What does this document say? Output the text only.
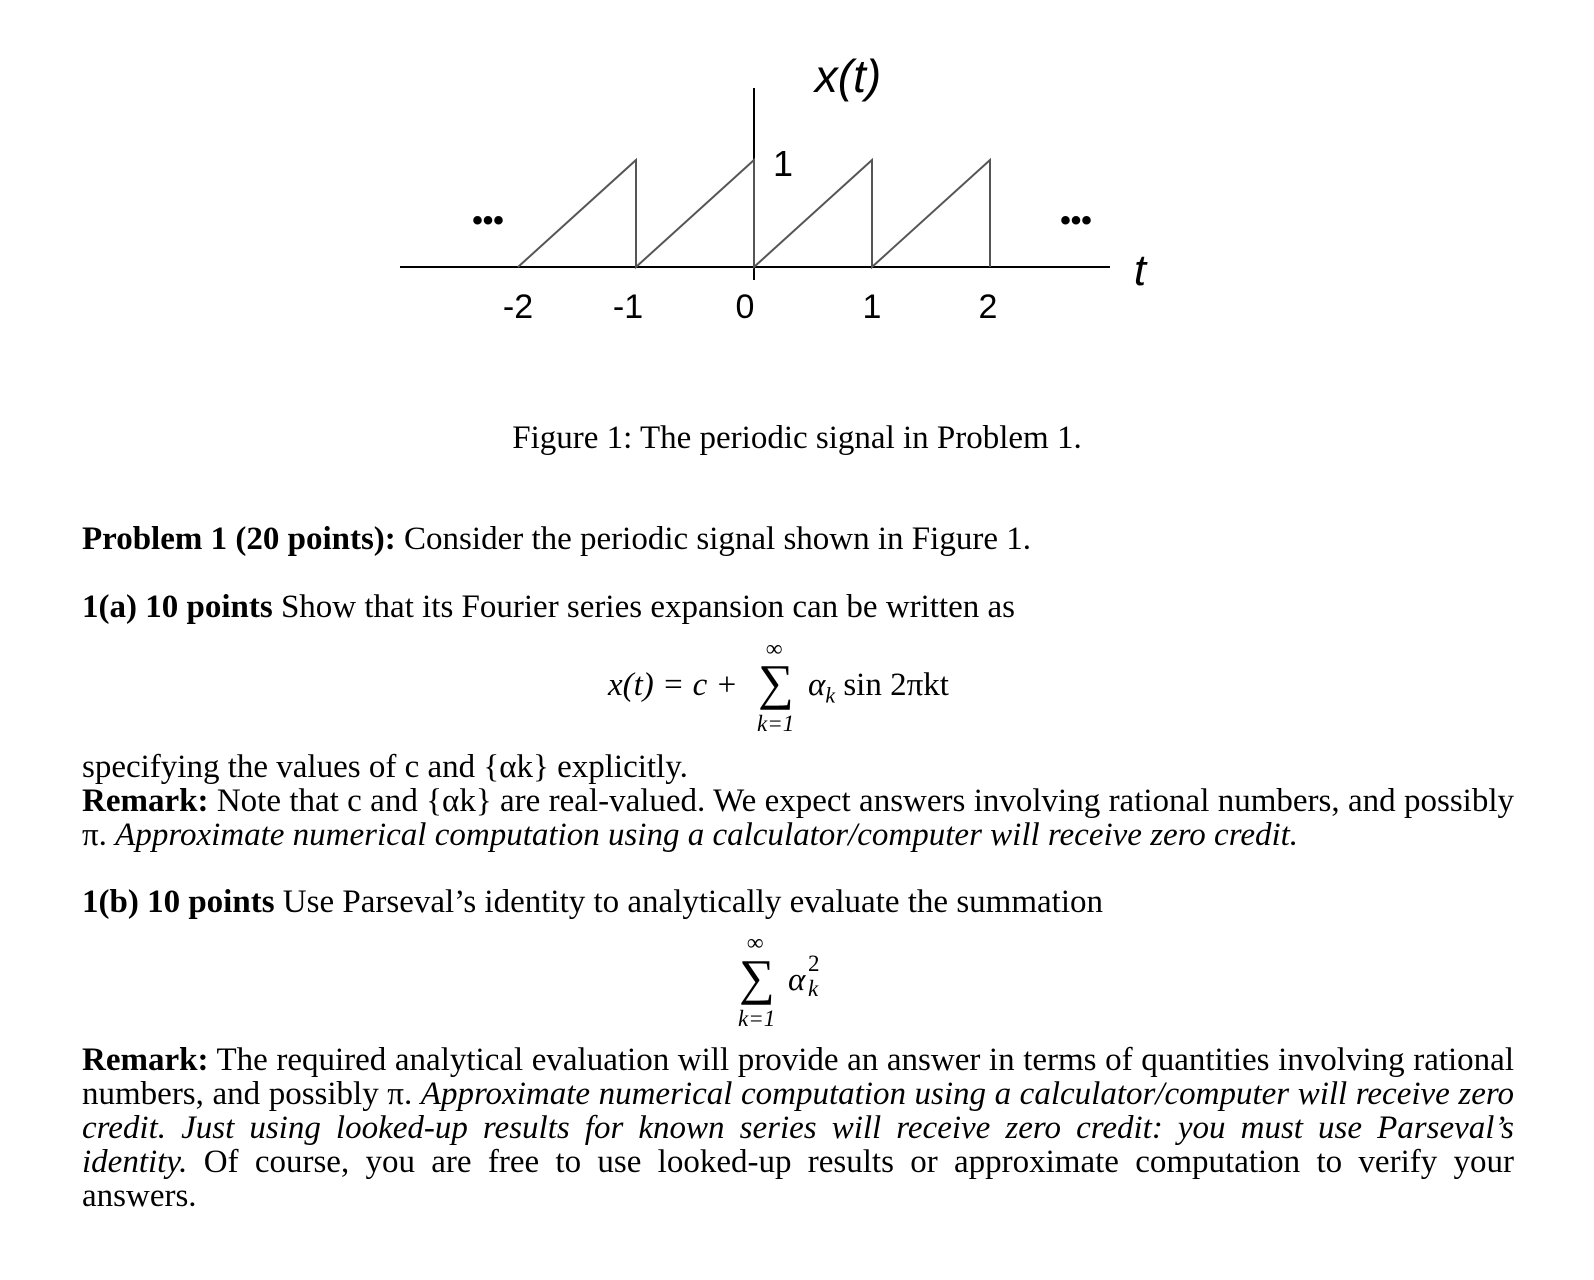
x(t)
t
1
•••	•••
-2 -1	0	1	2
Figure 1: The periodic signal in Problem 1.
Problem 1 (20 points): Consider the periodic signal shown in Figure 1.
1(a) 10 points Show that its Fourier series expansion can be written as
x(t) = c +
∞
∑
k=1
$\alpha_k$ sin 2πkt
specifying the values of c and {αk} explicitly.
Remark: Note that c and {αk} are real-valued. We expect answers involving rational numbers, and possibly π. Approximate numerical computation using a calculator/computer will receive zero credit.
1(b) 10 points Use Parseval’s identity to analytically evaluate the summation
∞
∑
k=1
α 2
k
Remark: The required analytical evaluation will provide an answer in terms of quantities involving rational numbers, and possibly π. Approximate numerical computation using a calculator/computer will receive zero credit. Just using looked-up results for known series will receive zero credit: you must use Parseval’s identity. Of course, you are free to use looked-up results or approximate computation to verify your answers.
